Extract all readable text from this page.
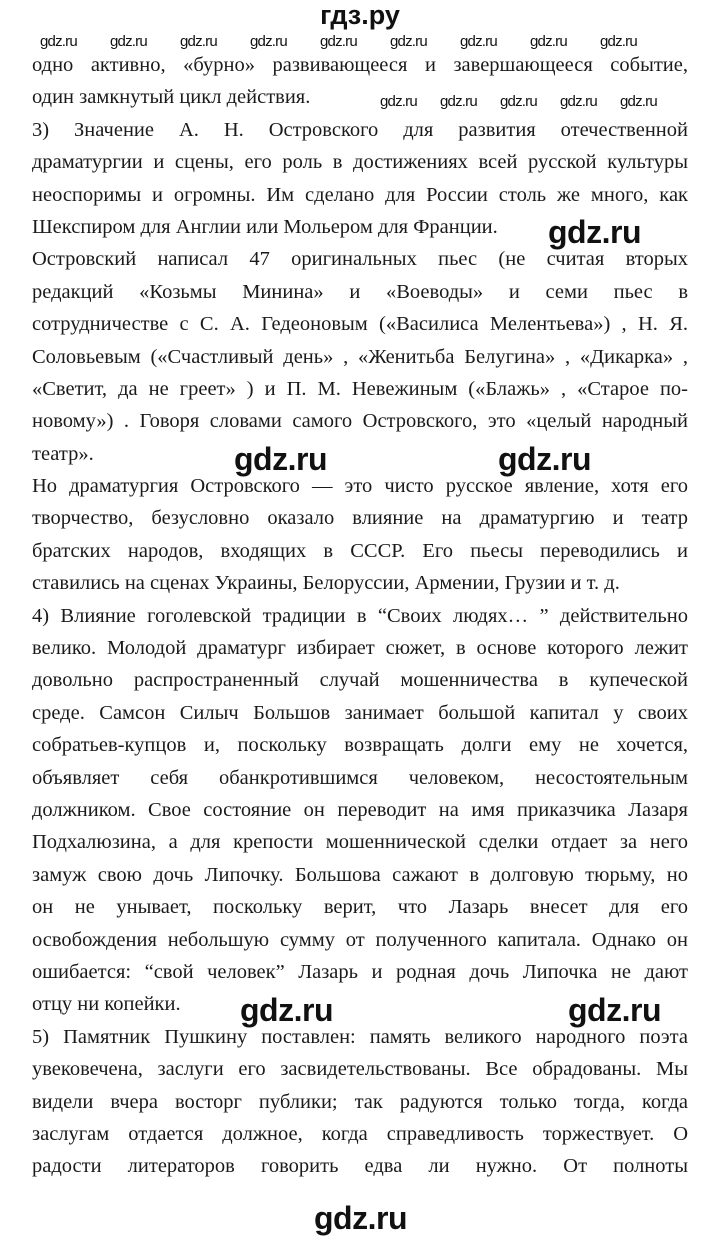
гдз.ру
одно активно, «бурно» развивающееся и завершающееся событие,
один замкнутый цикл действия.
3) Значение А. Н. Островского для развития отечественной
драматургии и сцены, его роль в достижениях всей русской культуры
неоспоримы и огромны. Им сделано для России столь же много, как
Шекспиром для Англии или Мольером для Франции.
Островский написал 47 оригинальных пьес (не считая вторых
редакций «Козьмы Минина» и «Воеводы» и семи пьес в
сотрудничестве с С. А. Гедеоновым («Василиса Мелентьева») , Н. Я.
Соловьевым («Счастливый день» , «Женитьба Белугина» , «Дикарка» ,
«Светит, да не греет» ) и П. М. Невежиным («Блажь» , «Старое по-
новому») . Говоря словами самого Островского, это «целый народный
театр».
Но драматургия Островского — это чисто русское явление, хотя его
творчество, безусловно оказало влияние на драматургию и театр
братских народов, входящих в СССР. Его пьесы переводились и
ставились на сценах Украины, Белоруссии, Армении, Грузии и т. д.
4) Влияние гоголевской традиции в “Своих людях… ” действительно
велико. Молодой драматург избирает сюжет, в основе которого лежит
довольно распространенный случай мошенничества в купеческой
среде. Самсон Силыч Большов занимает большой капитал у своих
собратьев-купцов и, поскольку возвращать долги ему не хочется,
объявляет себя обанкротившимся человеком, несостоятельным
должником. Свое состояние он переводит на имя приказчика Лазаря
Подхалюзина, а для крепости мошеннической сделки отдает за него
замуж свою дочь Липочку. Большова сажают в долговую тюрьму, но
он не унывает, поскольку верит, что Лазарь внесет для его
освобождения небольшую сумму от полученного капитала. Однако он
ошибается: “свой человек” Лазарь и родная дочь Липочка не дают
отцу ни копейки.
5) Памятник Пушкину поставлен: память великого народного поэта
увековечена, заслуги его засвидетельствованы. Все обрадованы. Мы
видели вчера восторг публики; так радуются только тогда, когда
заслугам отдается должное, когда справедливость торжествует. О
радости литераторов говорить едва ли нужно. От полноты
gdz.ru gdz.ru gdz.ru gdz.ru gdz.ru gdz.ru gdz.ru gdz.ru gdz.ru
gdz.ru gdz.ru gdz.ru gdz.ru gdz.ru
gdz.ru
gdz.ru	gdz.ru
gdz.ru	gdz.ru
gdz.ru
